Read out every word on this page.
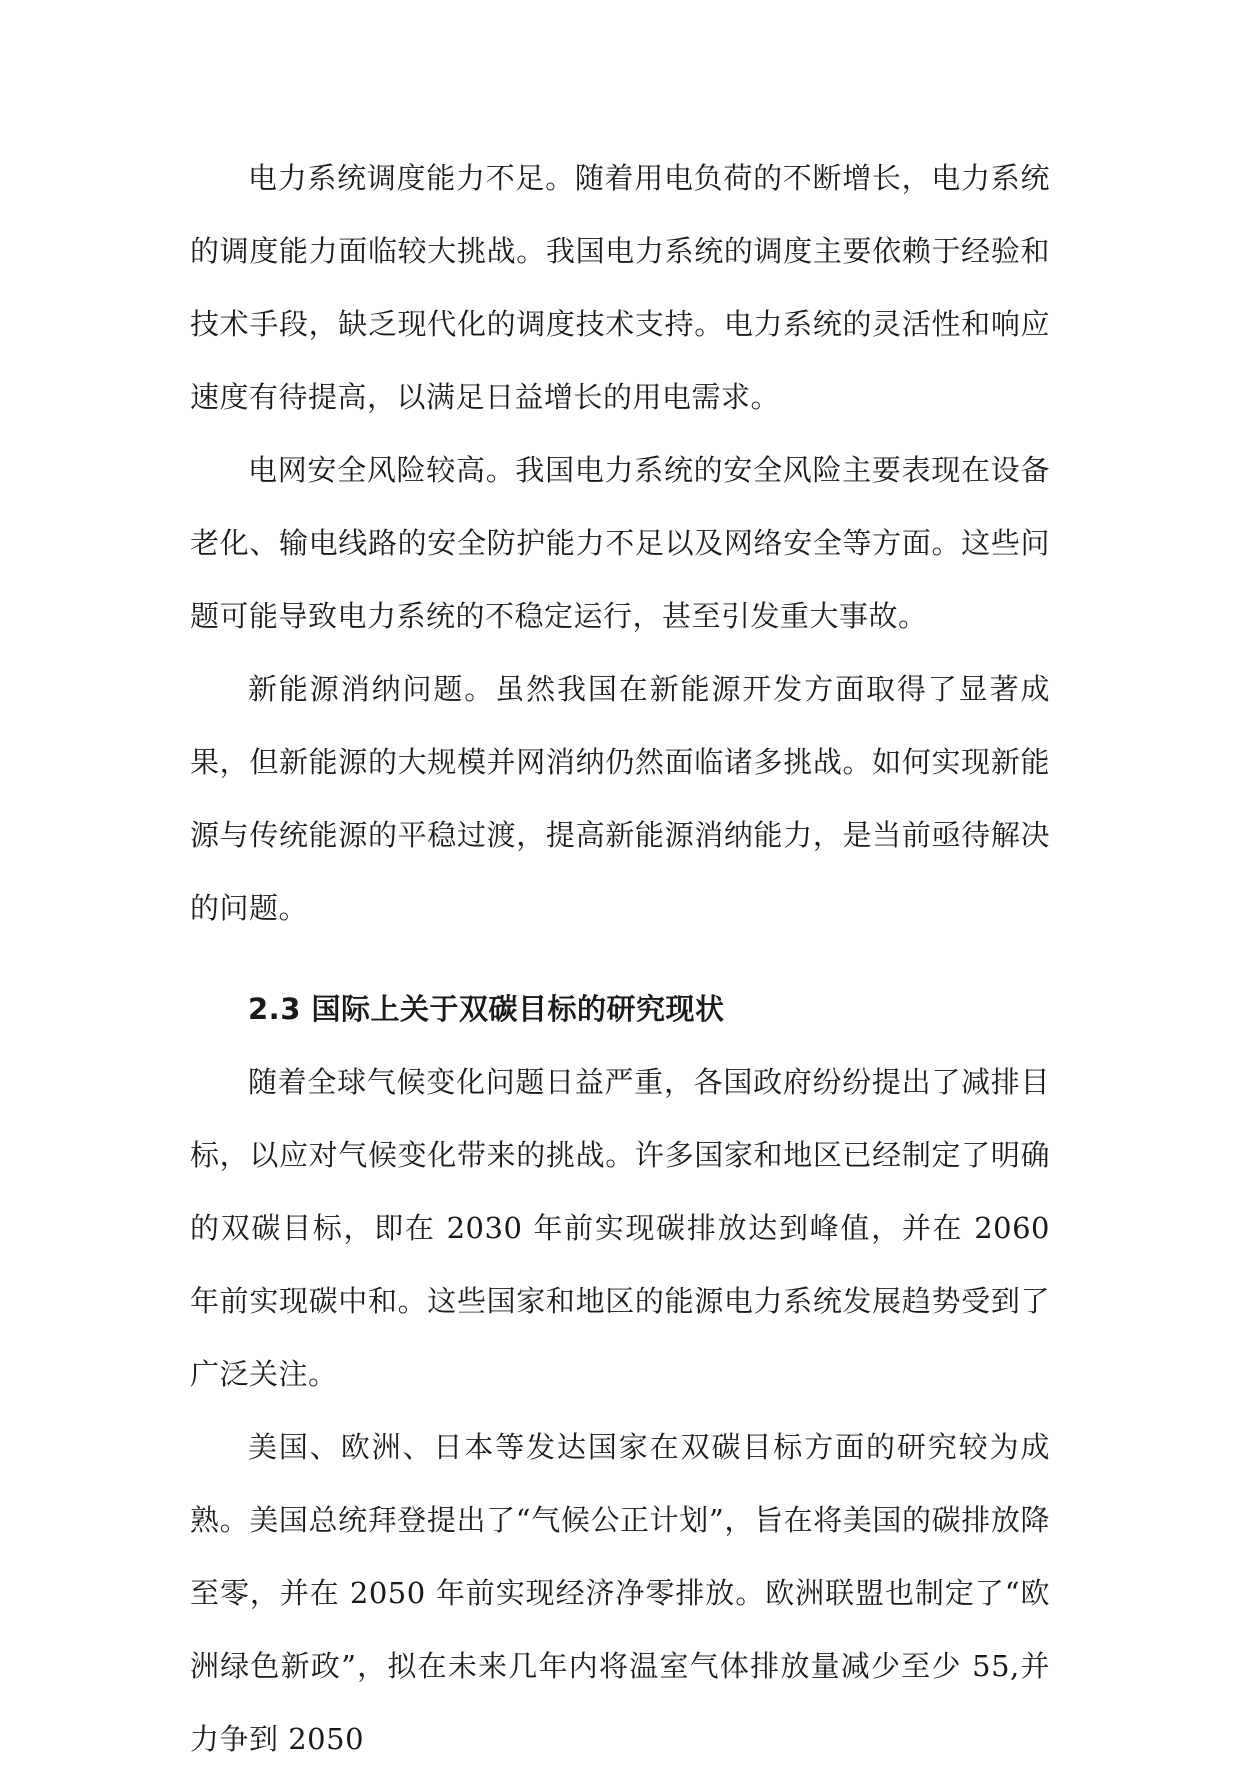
电力系统调度能力不足。随着用电负荷的不断增长，电力系统的调度能力面临较大挑战。我国电力系统的调度主要依赖于经验和技术手段，缺乏现代化的调度技术支持。电力系统的灵活性和响应速度有待提高，以满足日益增长的用电需求。

电网安全风险较高。我国电力系统的安全风险主要表现在设备老化、输电线路的安全防护能力不足以及网络安全等方面。这些问题可能导致电力系统的不稳定运行，甚至引发重大事故。

新能源消纳问题。虽然我国在新能源开发方面取得了显著成果，但新能源的大规模并网消纳仍然面临诸多挑战。如何实现新能源与传统能源的平稳过渡，提高新能源消纳能力，是当前亟待解决的问题。

2.3 国际上关于双碳目标的研究现状

随着全球气候变化问题日益严重，各国政府纷纷提出了减排目标，以应对气候变化带来的挑战。许多国家和地区已经制定了明确的双碳目标，即在 2030 年前实现碳排放达到峰值，并在 2060 年前实现碳中和。这些国家和地区的能源电力系统发展趋势受到了广泛关注。

美国、欧洲、日本等发达国家在双碳目标方面的研究较为成熟。美国总统拜登提出了“气候公正计划”，旨在将美国的碳排放降至零，并在 2050 年前实现经济净零排放。欧洲联盟也制定了“欧洲绿色新政”，拟在未来几年内将温室气体排放量减少至少 55,并力争到 2050
